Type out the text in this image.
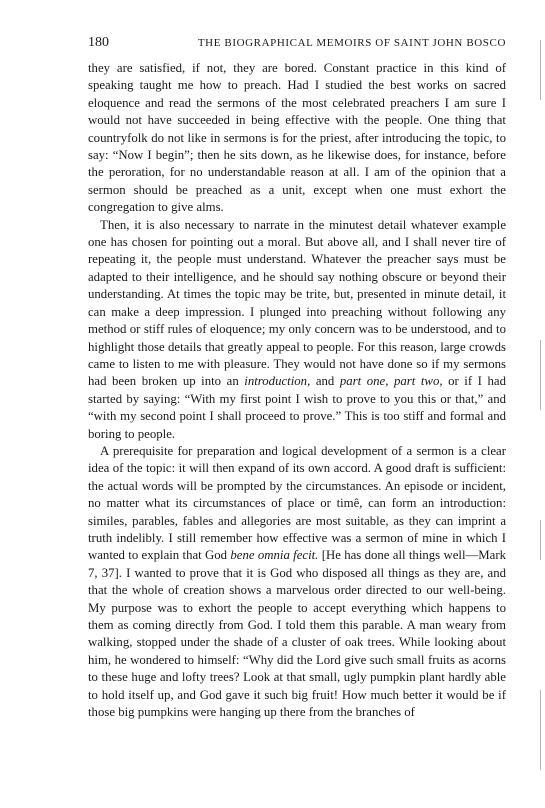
180	THE BIOGRAPHICAL MEMOIRS OF SAINT JOHN BOSCO

they are satisfied, if not, they are bored. Constant practice in this kind of speaking taught me how to preach. Had I studied the best works on sacred eloquence and read the sermons of the most celebrated preachers I am sure I would not have succeeded in being effective with the people. One thing that countryfolk do not like in sermons is for the priest, after introducing the topic, to say: “Now I begin”; then he sits down, as he likewise does, for instance, before the peroration, for no understandable reason at all. I am of the opinion that a sermon should be preached as a unit, except when one must exhort the congregation to give alms.

Then, it is also necessary to narrate in the minutest detail whatever example one has chosen for pointing out a moral. But above all, and I shall never tire of repeating it, the people must understand. Whatever the preacher says must be adapted to their intelligence, and he should say nothing obscure or beyond their understanding. At times the topic may be trite, but, presented in minute detail, it can make a deep impression. I plunged into preaching without following any method or stiff rules of eloquence; my only concern was to be understood, and to highlight those details that greatly appeal to people. For this reason, large crowds came to listen to me with pleasure. They would not have done so if my sermons had been broken up into an introduction, and part one, part two, or if I had started by saying: “With my first point I wish to prove to you this or that,” and “with my second point I shall proceed to prove.” This is too stiff and formal and boring to people.

A prerequisite for preparation and logical development of a sermon is a clear idea of the topic: it will then expand of its own accord. A good draft is sufficient: the actual words will be prompted by the circumstances. An episode or incident, no matter what its circumstances of place or timê, can form an introduction: similes, parables, fables and allegories are most suitable, as they can imprint a truth indelibly. I still remember how effective was a sermon of mine in which I wanted to explain that God bene omnia fecit. [He has done all things well—Mark 7, 37]. I wanted to prove that it is God who disposed all things as they are, and that the whole of creation shows a marvelous order directed to our well-being. My purpose was to exhort the people to accept everything which happens to them as coming directly from God. I told them this parable. A man weary from walking, stopped under the shade of a cluster of oak trees. While looking about him, he wondered to himself: “Why did the Lord give such small fruits as acorns to these huge and lofty trees? Look at that small, ugly pumpkin plant hardly able to hold itself up, and God gave it such big fruit! How much better it would be if those big pumpkins were hanging up there from the branches of
